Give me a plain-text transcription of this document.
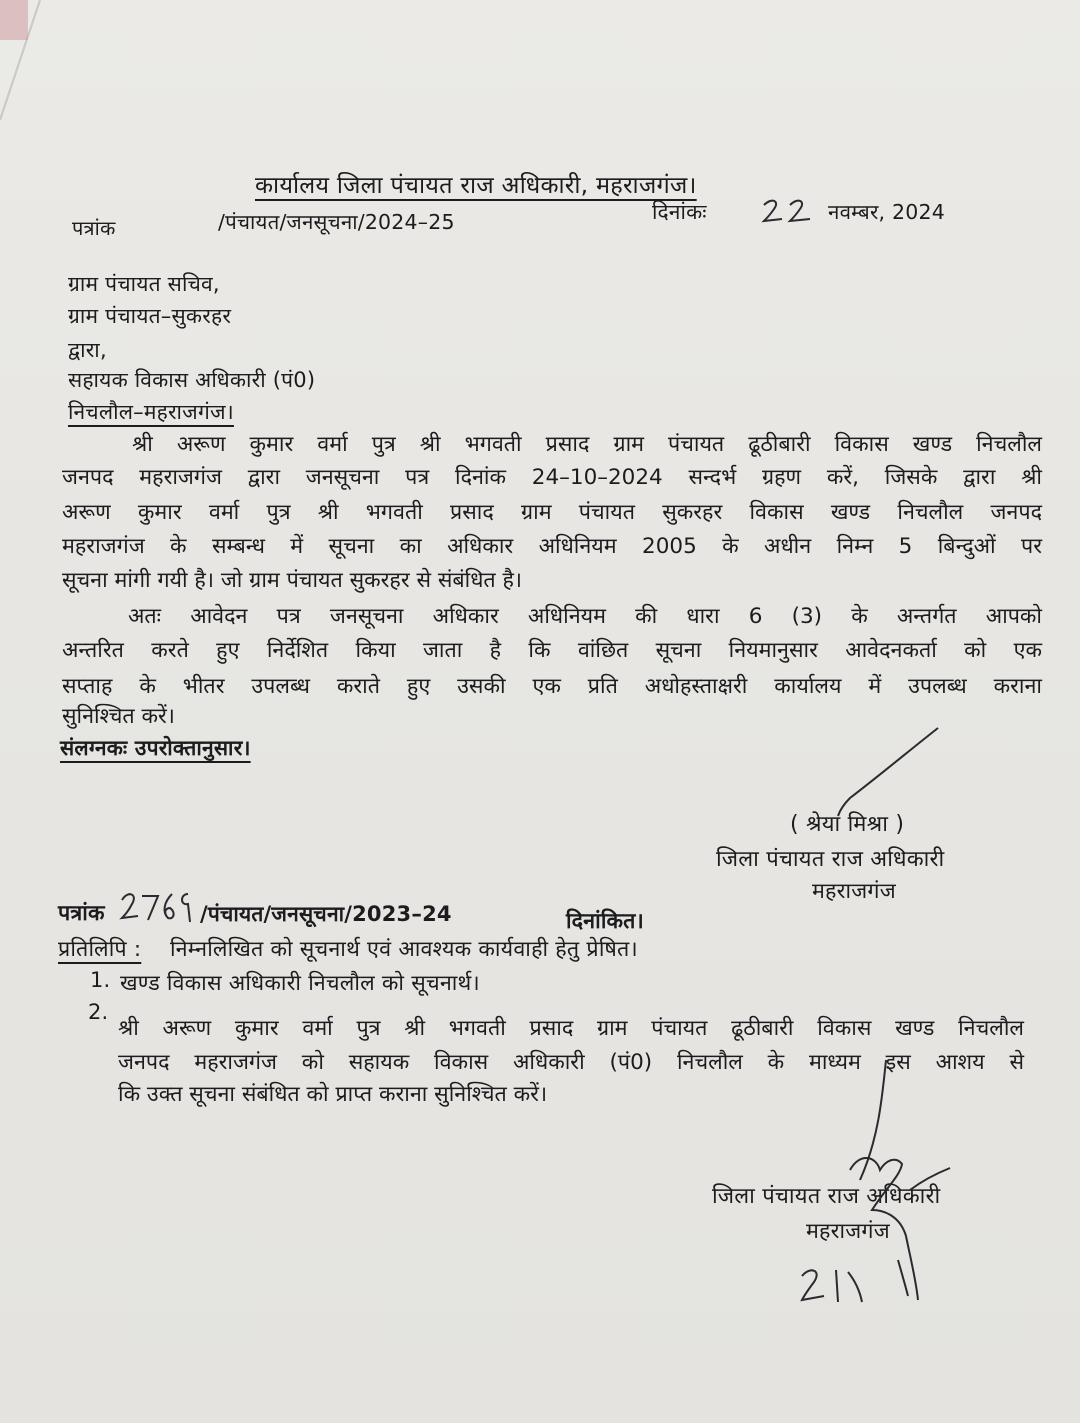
कार्यालय जिला पंचायत राज अधिकारी, महराजगंज।
पत्रांक	/पंचायत/जनसूचना/2024–25	दिनांकः	नवम्बर, 2024
ग्राम पंचायत सचिव,
ग्राम पंचायत–सुकरहर
द्वारा,
सहायक विकास अधिकारी (पं0)
निचलौल–महराजगंज।
श्री अरूण कुमार वर्मा पुत्र श्री भगवती प्रसाद ग्राम पंचायत ढूठीबारी विकास खण्ड निचलौल
जनपद महराजगंज द्वारा जनसूचना पत्र दिनांक 24–10–2024 सन्दर्भ ग्रहण करें, जिसके द्वारा श्री
अरूण कुमार वर्मा पुत्र श्री भगवती प्रसाद ग्राम पंचायत सुकरहर विकास खण्ड निचलौल जनपद
महराजगंज के सम्बन्ध में सूचना का अधिकार अधिनियम 2005 के अधीन निम्न 5 बिन्दुओं पर
सूचना मांगी गयी है। जो ग्राम पंचायत सुकरहर से संबंधित है।
अतः आवेदन पत्र जनसूचना अधिकार अधिनियम की धारा 6 (3) के अन्तर्गत आपको
अन्तरित करते हुए निर्देशित किया जाता है कि वांछित सूचना नियमानुसार आवेदनकर्ता को एक
सप्ताह के भीतर उपलब्ध कराते हुए उसकी एक प्रति अधोहस्ताक्षरी कार्यालय में उपलब्ध कराना
सुनिश्चित करें।
संलग्नकः उपरोक्तानुसार।
( श्रेया मिश्रा )
जिला पंचायत राज अधिकारी
महराजगंज
पत्रांक	/पंचायत/जनसूचना/2023–24	दिनांकित।
प्रतिलिपि : निम्नलिखित को सूचनार्थ एवं आवश्यक कार्यवाही हेतु प्रेषित।
1. खण्ड विकास अधिकारी निचलौल को सूचनार्थ।
2.
श्री अरूण कुमार वर्मा पुत्र श्री भगवती प्रसाद ग्राम पंचायत ढूठीबारी विकास खण्ड निचलौल
जनपद महराजगंज को सहायक विकास अधिकारी (पं0) निचलौल के माध्यम इस आशय से
कि उक्त सूचना संबंधित को प्राप्त कराना सुनिश्चित करें।
जिला पंचायत राज अधिकारी
महराजगंज
